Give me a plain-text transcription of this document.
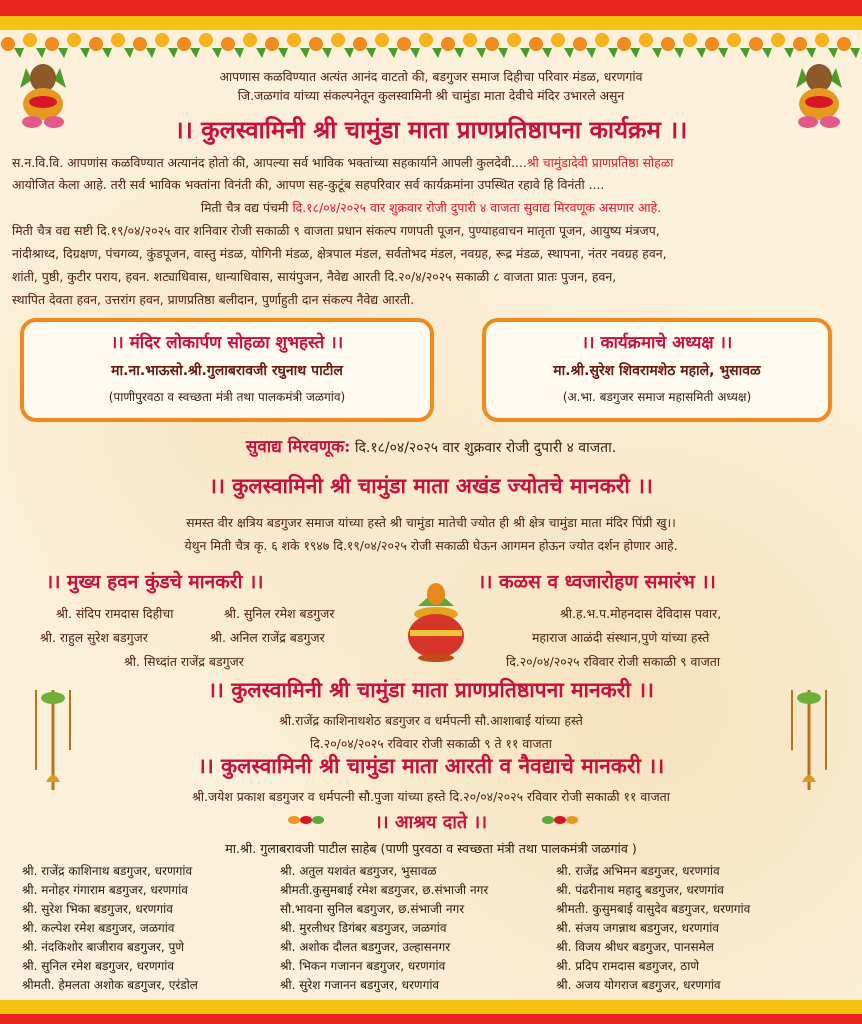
आपणास कळविण्यात अत्यंत आनंद वाटतो की, बडगुजर समाज दिहीचा परिवार मंडळ, धरणगांव
जि.जळगांव यांच्या संकल्पनेतून कुलस्वामिनी श्री चामुंडा माता देवीचे मंदिर उभारले असुन
।। कुलस्वामिनी श्री चामुंडा माता प्राणप्रतिष्ठापना कार्यक्रम ।।
स.न.वि.वि. आपणांस कळविण्यात अत्यानंद होतो की, आपल्या सर्व भाविक भक्तांच्या सहकार्याने आपली कुलदेवी....श्री चामुंडादेवी प्राणप्रतिष्ठा सोहळा
आयोजित केला आहे. तरी सर्व भाविक भक्तांना विनंती की, आपण सह-कुटूंब सहपरिवार सर्व कार्यक्रमांना उपस्थित रहावे हि विनंती ....
मिती चैत्र वद्य पंचमी दि.१८/०४/२०२५ वार शुक्रवार रोजी दुपारी ४ वाजता सुवाद्य मिरवणूक असणार आहे.
मिती चैत्र वद्य सष्टी दि.१९/०४/२०२५ वार शनिवार रोजी सकाळी ९ वाजता प्रधान संकल्प गणपती पूजन, पुण्याहवाचन मातृता पूजन, आयुष्य मंत्रजप,
नांदीश्राध्द, दिग्रक्षण, पंचगव्य, कुंडपूजन, वास्तु मंडळ, योगिनी मंडळ, क्षेत्रपाल मंडल, सर्वतोभद मंडल, नवग्रह, रूद्र मंडळ, स्थापना, नंतर नवग्रह हवन,
शांती, पुष्ठी, कुटीर पराय, हवन. शट्याधिवास, धान्याधिवास, सायंपुजन, नैवेद्य आरती दि.२०/४/२०२५ सकाळी ८ वाजता प्रातः पुजन, हवन,
स्थापित देवता हवन, उत्तरांग हवन, प्राणप्रतिष्ठा बलीदान, पुर्णाहुती दान संकल्प नैवेद्य आरती.
।। मंदिर लोकार्पण सोहळा शुभहस्ते ।।
मा.ना.भाऊसो.श्री.गुलाबरावजी रघुनाथ पाटील
(पाणीपुरवठा व स्वच्छता मंत्री तथा पालकमंत्री जळगांव)
।। कार्यक्रमाचे अध्यक्ष ।।
मा.श्री.सुरेश शिवरामशेठ महाले, भुसावळ
(अ.भा. बडगुजर समाज महासमिती अध्यक्ष)
सुवाद्य मिरवणूक: दि.१८/०४/२०२५ वार शुक्रवार रोजी दुपारी ४ वाजता.
।। कुलस्वामिनी श्री चामुंडा माता अखंड ज्योतचे मानकरी ।।
समस्त वीर क्षत्रिय बडगुजर समाज यांच्या हस्ते श्री चामुंडा मातेची ज्योत ही श्री क्षेत्र चामुंडा माता मंदिर पिंप्री खु।।
येथुन मिती चैत्र कृ. ६ शके १९४७ दि.१९/०४/२०२५ रोजी सकाळी घेऊन आगमन होऊन ज्योत दर्शन होणार आहे.
।। मुख्य हवन कुंडचे मानकरी ।।
श्री. संदिप रामदास दिहीचा	श्री. सुनिल रमेश बडगुजर
श्री. राहुल सुरेश बडगुजर	श्री. अनिल राजेंद्र बडगुजर
श्री. सिध्दांत राजेंद्र बडगुजर
।। कळस व ध्वजारोहण समारंभ ।।
श्री.ह.भ.प.मोहनदास देविदास पवार,
महाराज आळंदी संस्थान,पुणे यांच्या हस्ते
दि.२०/०४/२०२५ रविवार रोजी सकाळी ९ वाजता
।। कुलस्वामिनी श्री चामुंडा माता प्राणप्रतिष्ठापना मानकरी ।।
श्री.राजेंद्र काशिनाथशेठ बडगुजर व धर्मपत्नी सौ.आशाबाई यांच्या हस्ते
दि.२०/०४/२०२५ रविवार रोजी सकाळी ९ ते ११ वाजता
।। कुलस्वामिनी श्री चामुंडा माता आरती व नैवद्याचे मानकरी ।।
श्री.जयेश प्रकाश बडगुजर व धर्मपत्नी सौ.पुजा यांच्या हस्ते दि.२०/०४/२०२५ रविवार रोजी सकाळी ११ वाजता
।। आश्रय दाते ।।
मा.श्री. गुलाबरावजी पाटील साहेब (पाणी पुरवठा व स्वच्छता मंत्री तथा पालकमंत्री जळगांव )
श्री. राजेंद्र काशिनाथ बडगुजर, धरणगांव
श्री. मनोहर गंगाराम बडगुजर, धरणगांव
श्री. सुरेश भिका बडगुजर, धरणगांव
श्री. कल्पेश रमेश बडगुजर, जळगांव
श्री. नंदकिशोर बाजीराव बडगुजर, पुणे
श्री. सुनिल रमेश बडगुजर, धरणगांव
श्रीमती. हेमलता अशोक बडगुजर, एरंडोल
श्री. अतुल यशवंत बडगुजर, भुसावळ
श्रीमती.कुसुमबाई रमेश बडगुजर, छ.संभाजी नगर
सौ.भावना सुनिल बडगुजर, छ.संभाजी नगर
श्री. मुरलीधर डिगंबर बडगुजर, जळगांव
श्री. अशोक दौलत बडगुजर, उल्हासनगर
श्री. भिकन गजानन बडगुजर, धरणगांव
श्री. सुरेश गजानन बडगुजर, धरणगांव
श्री. राजेंद्र अभिमन बडगुजर, धरणगांव
श्री. पंढरीनाथ महादु बडगुजर, धरणगांव
श्रीमती. कुसुमबाई वासुदेव बडगुजर, धरणगांव
श्री. संजय जगन्नाथ बडगुजर, धरणगांव
श्री. विजय श्रीधर बडगुजर, पानसमेल
श्री. प्रदिप रामदास बडगुजर, ठाणे
श्री. अजय योगराज बडगुजर, धरणगांव
